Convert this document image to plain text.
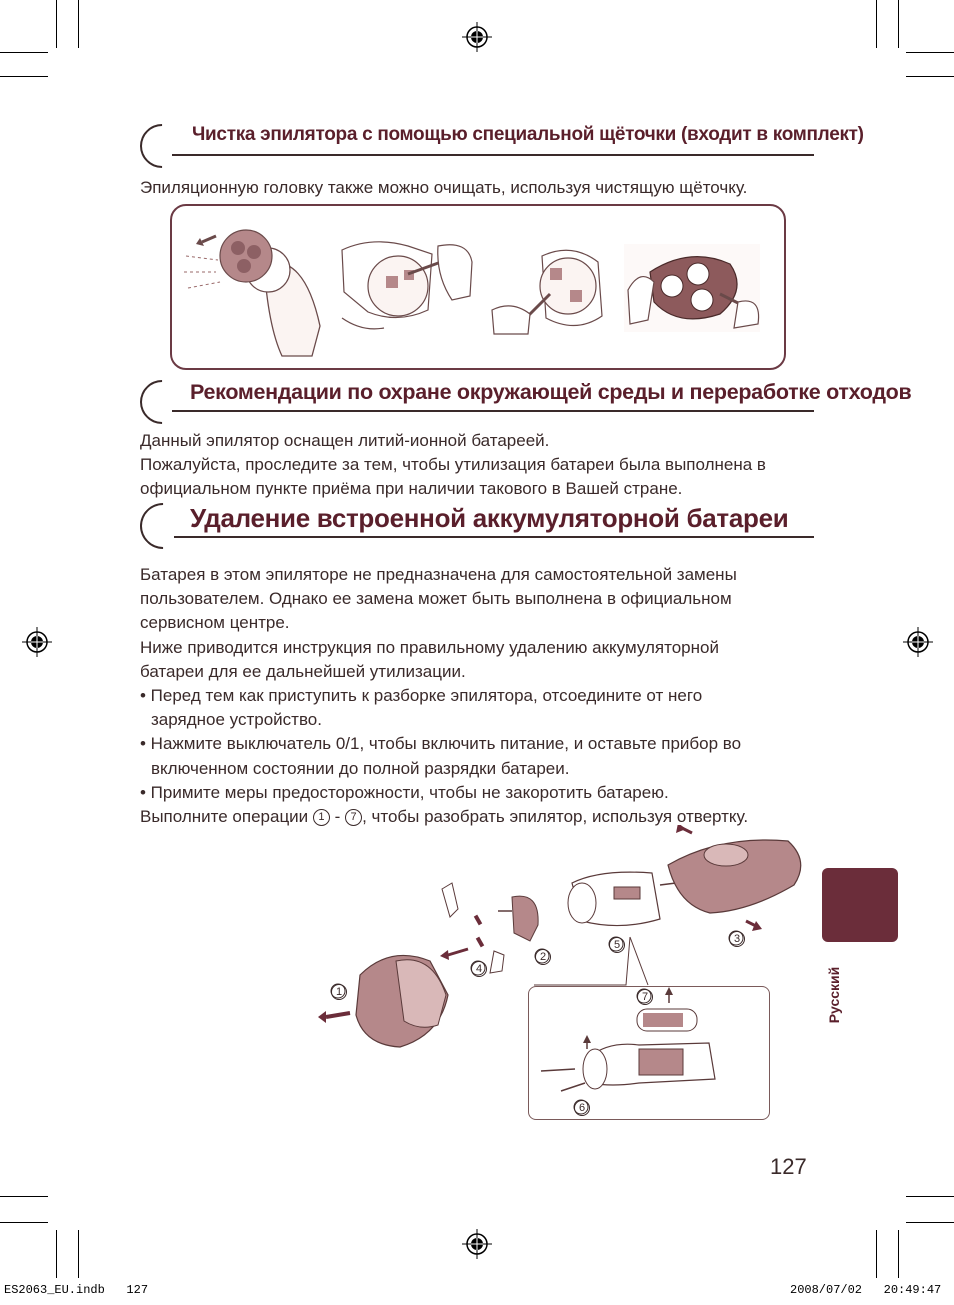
Чистка эпилятора с помощью специальной щёточки (входит в комплект)
Эпиляционную головку также можно очищать, используя чистящую щёточку.
Рекомендации по охране окружающей среды и переработке отходов

Данный эпилятор оснащен литий-ионной батареей.

Пожалуйста, проследите за тем, чтобы утилизация батареи была выполнена в

официальном пункте приёма при наличии такового в Вашей стране.

Удаление встроенной аккумуляторной батареи

Батарея в этом эпиляторе не предназначена для самостоятельной замены

пользователем. Однако ее замена может быть выполнена в официальном

сервисном центре.

Ниже приводится инструкция по правильному удалению аккумуляторной

батареи для ее дальнейшей утилизации.

• Перед тем как приступить к разборке эпилятора, отсоедините от него зарядное устройство.

• Нажмите выключатель 0/1, чтобы включить питание, и оставьте прибор во включенном состоянии до полной разрядки батареи.

• Примите меры предосторожности, чтобы не закоротить батарею.

Выполните операции 1 - 7 , чтобы разобрать эпилятор, используя отвертку.

1
2
3
4
5
6
7	Русский
127
ES2063_EU.indb   127	2008/07/02   20:49:47
